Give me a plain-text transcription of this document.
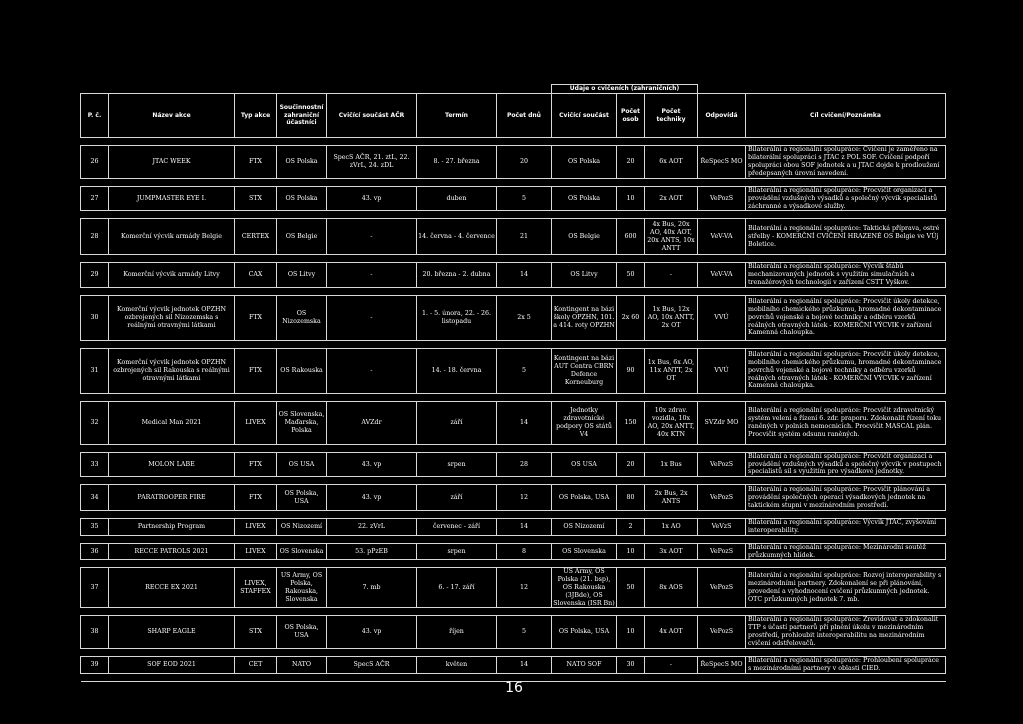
							Údaje o cvičeních (zahraničních)				
P. č.	Název akce	Typ akce	Součinnostní zahraniční účastníci	Cvičící součást AČR	Termín	Počet dnů	Cvičící součást	Počet osob	Počet techniky	Odpovídá	Cíl cvičení/Poznámka

26	JTAC WEEK	FTX	OS Polska	SpecS AČR, 21. ztL, 22. zVrL, 24. zDL	8. - 27. března	20	OS Polska	20	6x AOT	ŘeSpecS MO	Bilaterální a regionální spolupráce: Cvičení je zaměřeno na bilaterální spolupráci s JTAC z POL SOF. Cvičení podpoří spolupráci obou SOF jednotek a u JTAC dojde k prodloužení předepsaných úrovní navedení.

27	JUMPMASTER EYE I.	STX	OS Polska	43. vp	duben	5	OS Polska	10	2x AOT	VePozS	Bilaterální a regionální spolupráce: Procvičit organizaci a provádění vzdušných výsadků a společný výcvik specialistů záchranné a výsadkové služby.

28	Komerční výcvik armády Belgie	CERTEX	OS Belgie	-	14. června - 4. července	21	OS Belgie	600	4x Bus, 20x AO, 40x AOT, 20x ANTS, 10x ANTT	VeV-VA	Bilaterální a regionální spolupráce: Taktická příprava, ostré střelby - KOMERČNÍ CVIČENÍ HRAZENÉ OS Belgie ve VÚj Boletice.

29	Komerční výcvik armády Litvy	CAX	OS Litvy	-	20. března - 2. dubna	14	OS Litvy	50	-	VeV-VA	Bilaterální a regionální spolupráce: Výcvik štábů mechanizovaných jednotek s využitím simulačních a trenažérových technologií v zařízení CSTT Vyškov.

30	Komerční výcvik jednotek OPZHN ozbrojených sil Nizozemska s reálnými otravnými látkami	FTX	OS Nizozemska	-	1. - 5. února, 22. - 26. listopadu	2x 5	Kontingent na bázi školy OPZHN, 101. a 414. roty OPZHN	2x 60	1x Bus, 12x AO, 10x ANTT, 2x OT	VVÚ	Bilaterální a regionální spolupráce: Procvičit úkoly detekce, mobilního chemického průzkumu, hromadné dekontaminace povrchů vojenské a bojové techniky a odběru vzorků reálných otravných látek - KOMERČNÍ VÝCVIK v zařízení Kamenná chaloupka.

31	Komerční výcvik jednotek OPZHN ozbrojených sil Rakouska s reálnými otravnými látkami	FTX	OS Rakouska	-	14. - 18. června	5	Kontingent na bázi AUT Centra CBRN Defence Korneuburg	90	1x Bus, 6x AO, 11x ANTT, 2x OT	VVÚ	Bilaterální a regionální spolupráce: Procvičit úkoly detekce, mobilního chemického průzkumu, hromadné dekontaminace povrchů vojenské a bojové techniky a odběru vzorků reálných otravných látek - KOMERČNÍ VÝCVIK v zařízení Kamenná chaloupka.

32	Medical Man 2021	LIVEX	OS Slovenska, Maďarska, Polska	AVZdr	září	14	Jednotky zdravotnické podpory OS států V4	150	10x zdrav. vozidla, 10x AO, 20x ANTT, 40x KTN	SVZdr MO	Bilaterální a regionální spolupráce: Procvičit zdravotnický systém velení a řízení 6. zdr. praporu. Zdokonalit řízení toku raněných v polních nemocnicích. Procvičit MASCAL plán. Procvičit systém odsunu raněných.

33	MOLON LABE	FTX	OS USA	43. vp	srpen	28	OS USA	20	1x Bus	VePozS	Bilaterální a regionální spolupráce: Procvičit organizaci a provádění vzdušných výsadků a společný výcvik v postupech specialistů sil s využitím pro výsadkové jednotky.

34	PARATROOPER FIRE	FTX	OS Polska, USA	43. vp	září	12	OS Polska, USA	80	2x Bus, 2x ANTS	VePozS	Bilaterální a regionální spolupráce: Procvičit plánování a provádění společných operací výsadkových jednotek na taktickém stupni v mezinárodním prostředí.

35	Partnership Program	LIVEX	OS Nizozemí	22. zVrL	červenec - září	14	OS Nizozemí	2	1x AO	VeVzS	Bilaterální a regionální spolupráce: Výcvik JTAC, zvyšování interoperability.

36	RECCE PATROLS 2021	LIVEX	OS Slovenska	53. pPzEB	srpen	8	OS Slovenska	10	3x AOT	VePozS	Bilaterální a regionální spolupráce: Mezinárodní soutěž průzkumných hlídek.

37	RECCE EX 2021	LIVEX, STAFFEX	US Army, OS Polska, Rakouska, Slovenska	7. mb	6. - 17. září	12	US Army, OS Polska (21. bsp), OS Rakouska (3JBde), OS Slovenska (ISR Bn)	50	8x AOS	VePozS	Bilaterální a regionální spolupráce: Rozvoj interoperability s mezinárodními partnery. Zdokonalení se při plánování, provedení a vyhodnocení cvičení průzkumných jednotek. OTC průzkumných jednotek 7. mb.

38	SHARP EAGLE	STX	OS Polska, USA	43. vp	říjen	5	OS Polska, USA	10	4x AOT	VePozS	Bilaterální a regionální spolupráce: Zrevidovat a zdokonalit TTP s účastí partnerů při plnění úkolu v mezinárodním prostředí, prohloubit interoperabilitu na mezinárodním cvičení odstřelovačů.

39	SOF EOD 2021	CET	NATO	SpecS AČR	květen	14	NATO SOF	30	-	ŘeSpecS MO	Bilaterální a regionální spolupráce: Prohloubení spolupráce s mezinárodními partnery v oblasti CIED.

16
